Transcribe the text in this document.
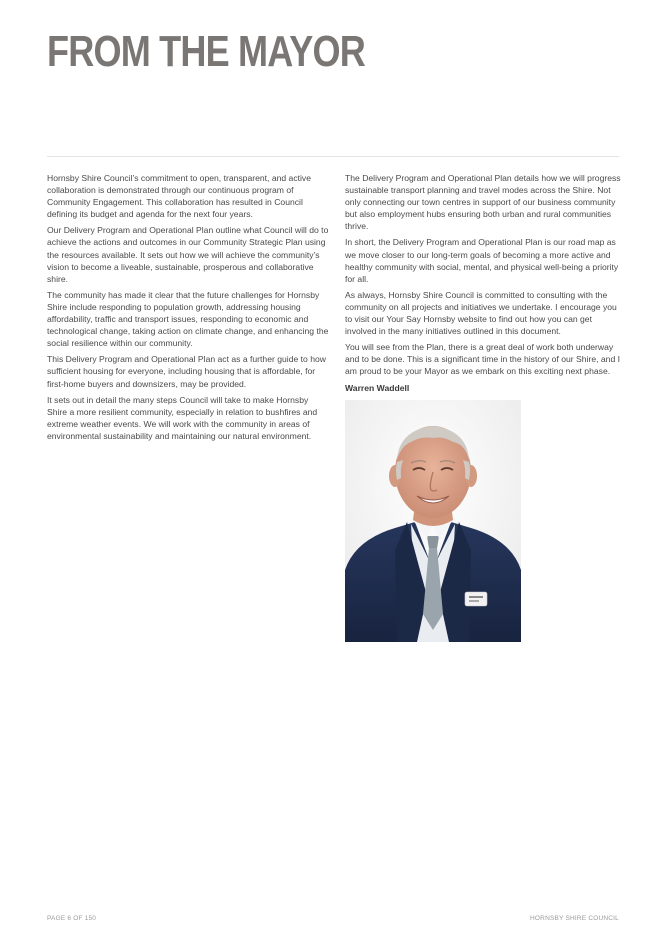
FROM THE MAYOR

Hornsby Shire Council’s commitment to open, transparent, and active collaboration is demonstrated through our continuous program of Community Engagement. This collaboration has resulted in Council defining its budget and agenda for the next four years.

Our Delivery Program and Operational Plan outline what Council will do to achieve the actions and outcomes in our Community Strategic Plan using the resources available. It sets out how we will achieve the community’s vision to become a liveable, sustainable, prosperous and collaborative shire.

The community has made it clear that the future challenges for Hornsby Shire include responding to population growth, addressing housing affordability, traffic and transport issues, responding to economic and technological change, taking action on climate change, and enhancing the social resilience within our community.

This Delivery Program and Operational Plan act as a further guide to how sufficient housing for everyone, including housing that is affordable, for first-home buyers and downsizers, may be provided.

It sets out in detail the many steps Council will take to make Hornsby Shire a more resilient community, especially in relation to bushfires and extreme weather events. We will work with the community in areas of environmental sustainability and maintaining our natural environment.

The Delivery Program and Operational Plan details how we will progress sustainable transport planning and travel modes across the Shire. Not only connecting our town centres in support of our business community but also employment hubs ensuring both urban and rural communities thrive.

In short, the Delivery Program and Operational Plan is our road map as we move closer to our long-term goals of becoming a more active and healthy community with social, mental, and physical well-being a priority for all.

As always, Hornsby Shire Council is committed to consulting with the community on all projects and initiatives we undertake. I encourage you to visit our Your Say Hornsby website to find out how you can get involved in the many initiatives outlined in this document.

You will see from the Plan, there is a great deal of work both underway and to be done. This is a significant time in the history of our Shire, and I am proud to be your Mayor as we embark on this exciting next phase.

Warren Waddell

PAGE 6 OF 150	HORNSBY SHIRE COUNCIL
